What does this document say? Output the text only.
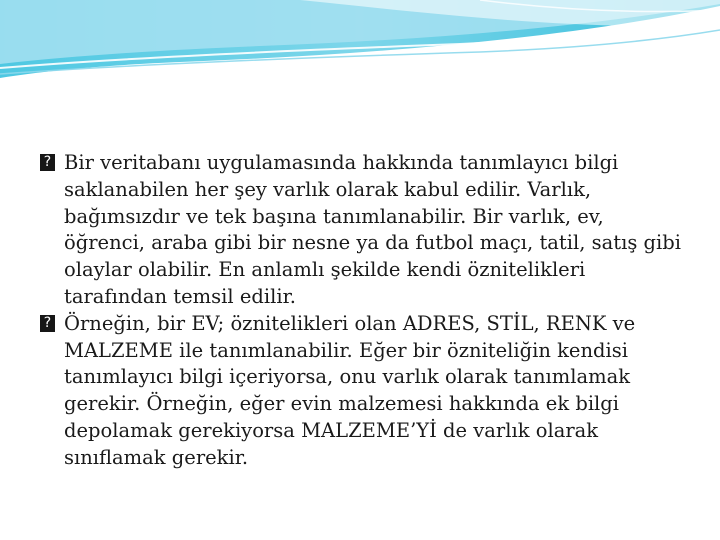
? Bir veritabanı uygulamasında hakkında tanımlayıcı bilgi saklanabilen her şey varlık olarak kabul edilir. Varlık, bağımsızdır ve tek başına tanımlanabilir. Bir varlık, ev, öğrenci, araba gibi bir nesne ya da futbol maçı, tatil, satış gibi olaylar olabilir. En anlamlı şekilde kendi öznitelikleri tarafından temsil edilir.

? Örneğin, bir EV; öznitelikleri olan ADRES, STİL, RENK ve MALZEME ile tanımlanabilir. Eğer bir özniteliğin kendisi tanımlayıcı bilgi içeriyorsa, onu varlık olarak tanımlamak gerekir. Örneğin, eğer evin malzemesi hakkında ek bilgi depolamak gerekiyorsa MALZEME’Yİ de varlık olarak sınıflamak gerekir.
